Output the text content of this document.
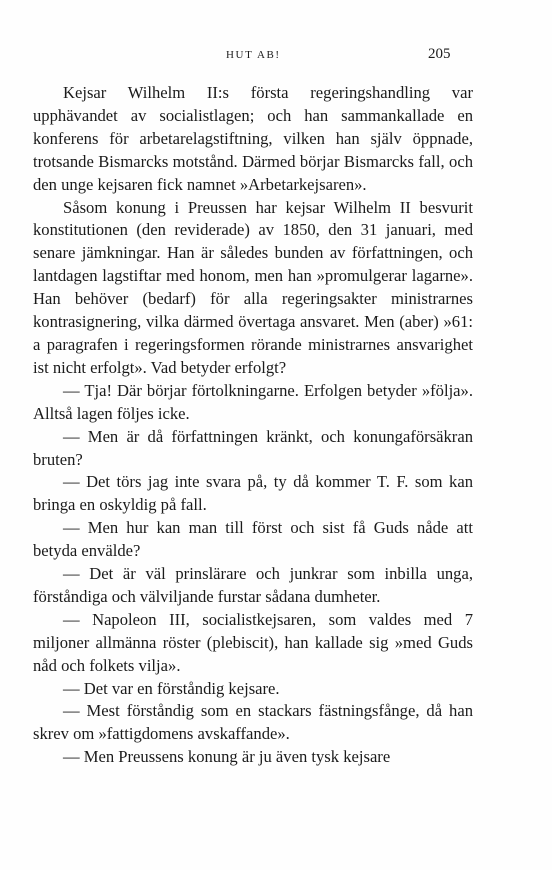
HUT AB!	205

Kejsar Wilhelm II:s första regeringshandling var upphävandet av socialistlagen; och han sammankallade en konferens för arbetarelagstiftning, vilken han själv öppnade, trotsande Bismarcks motstånd. Därmed börjar Bismarcks fall, och den unge kejsaren fick namnet »Arbetarkejsaren».

Såsom konung i Preussen har kejsar Wilhelm II besvurit konstitutionen (den reviderade) av 1850, den 31 januari, med senare jämkningar. Han är således bunden av författningen, och lantdagen lagstiftar med honom, men han »promulgerar lagarne». Han behöver (bedarf) för alla regeringsakter ministrarnes kontrasignering, vilka därmed övertaga ansvaret. Men (aber) »61: a paragrafen i regeringsformen rörande ministrarnes ansvarighet ist nicht erfolgt». Vad betyder erfolgt?

— Tja! Där börjar förtolkningarne. Erfolgen betyder »följa». Alltså lagen följes icke.

— Men är då författningen kränkt, och konungaförsäkran bruten?

— Det törs jag inte svara på, ty då kommer T. F. som kan bringa en oskyldig på fall.

— Men hur kan man till först och sist få Guds nåde att betyda envälde?

— Det är väl prinslärare och junkrar som inbilla unga, förståndiga och välviljande furstar sådana dumheter.

— Napoleon III, socialistkejsaren, som valdes med 7 miljoner allmänna röster (plebiscit), han kallade sig »med Guds nåd och folkets vilja».

— Det var en förståndig kejsare.

— Mest förståndig som en stackars fästningsfånge, då han skrev om »fattigdomens avskaffande».

— Men Preussens konung är ju även tysk kejsare
